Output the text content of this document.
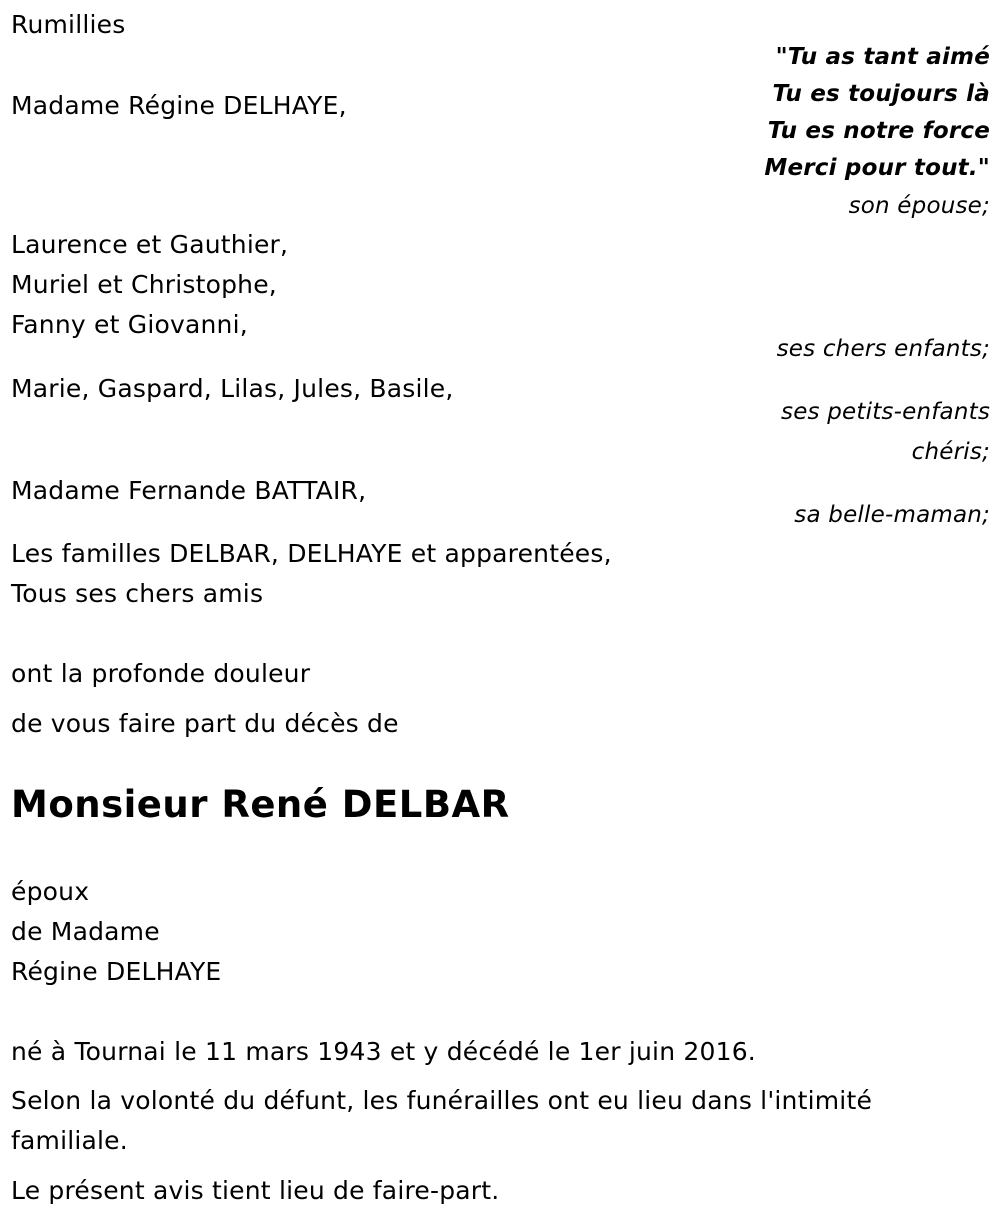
Rumillies

"Tu as tant aimé

Tu es toujours là

Tu es notre force

Merci pour tout."

Madame Régine DELHAYE,

son épouse;

Laurence et Gauthier,

Muriel et Christophe,

Fanny et Giovanni,

ses chers enfants;

Marie, Gaspard, Lilas, Jules, Basile,

ses petits-enfants

chéris;

Madame Fernande BATTAIR,

sa belle-maman;

Les familles DELBAR, DELHAYE et apparentées,

Tous ses chers amis

ont la profonde douleur

de vous faire part du décès de

Monsieur René DELBAR

époux

de Madame

Régine DELHAYE

né à Tournai le 11 mars 1943 et y décédé le 1er juin 2016.

Selon la volonté du défunt, les funérailles ont eu lieu dans l'intimité

familiale.

Le présent avis tient lieu de faire-part.
